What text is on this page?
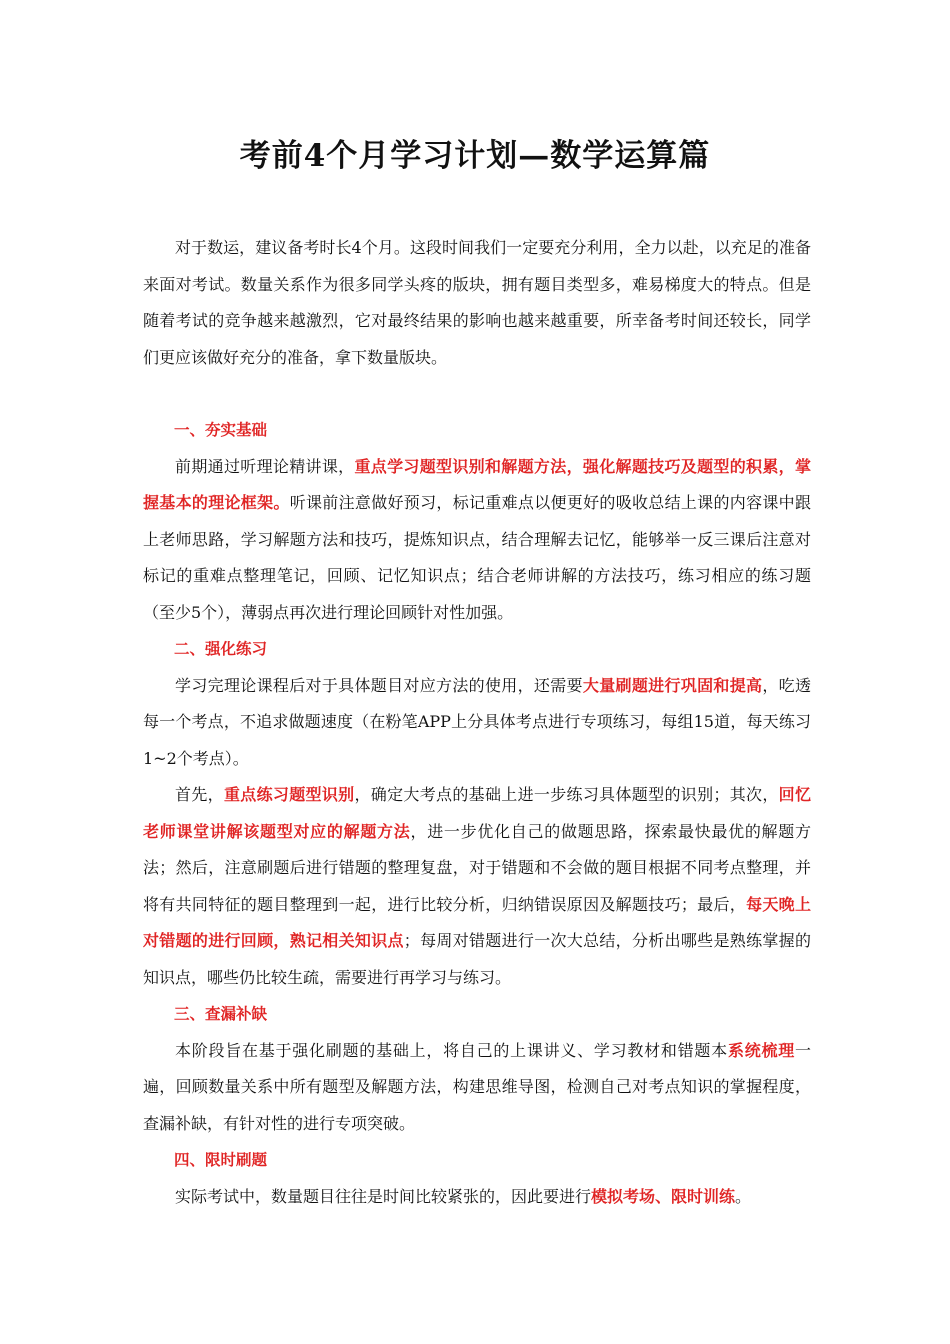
考前4个月学习计划—数学运算篇

对于数运，建议备考时长4个月。这段时间我们一定要充分利用，全力以赴，以充足的准备来面对考试。数量关系作为很多同学头疼的版块，拥有题目类型多，难易梯度大的特点。但是随着考试的竞争越来越激烈，它对最终结果的影响也越来越重要，所幸备考时间还较长，同学们更应该做好充分的准备，拿下数量版块。

一、夯实基础

前期通过听理论精讲课，重点学习题型识别和解题方法，强化解题技巧及题型的积累，掌握基本的理论框架。听课前注意做好预习，标记重难点以便更好的吸收总结上课的内容课中跟上老师思路，学习解题方法和技巧，提炼知识点，结合理解去记忆，能够举一反三课后注意对标记的重难点整理笔记，回顾、记忆知识点；结合老师讲解的方法技巧，练习相应的练习题（至少5个），薄弱点再次进行理论回顾针对性加强。

二、强化练习

学习完理论课程后对于具体题目对应方法的使用，还需要大量刷题进行巩固和提高，吃透每一个考点，不追求做题速度（在粉笔APP上分具体考点进行专项练习，每组15道，每天练习1~2个考点）。

首先，重点练习题型识别，确定大考点的基础上进一步练习具体题型的识别；其次，回忆老师课堂讲解该题型对应的解题方法，进一步优化自己的做题思路，探索最快最优的解题方法；然后，注意刷题后进行错题的整理复盘，对于错题和不会做的题目根据不同考点整理，并将有共同特征的题目整理到一起，进行比较分析，归纳错误原因及解题技巧；最后，每天晚上对错题的进行回顾，熟记相关知识点；每周对错题进行一次大总结，分析出哪些是熟练掌握的知识点，哪些仍比较生疏，需要进行再学习与练习。

三、查漏补缺

本阶段旨在基于强化刷题的基础上，将自己的上课讲义、学习教材和错题本系统梳理一遍，回顾数量关系中所有题型及解题方法，构建思维导图，检测自己对考点知识的掌握程度，查漏补缺，有针对性的进行专项突破。

四、限时刷题

实际考试中，数量题目往往是时间比较紧张的，因此要进行模拟考场、限时训练。
